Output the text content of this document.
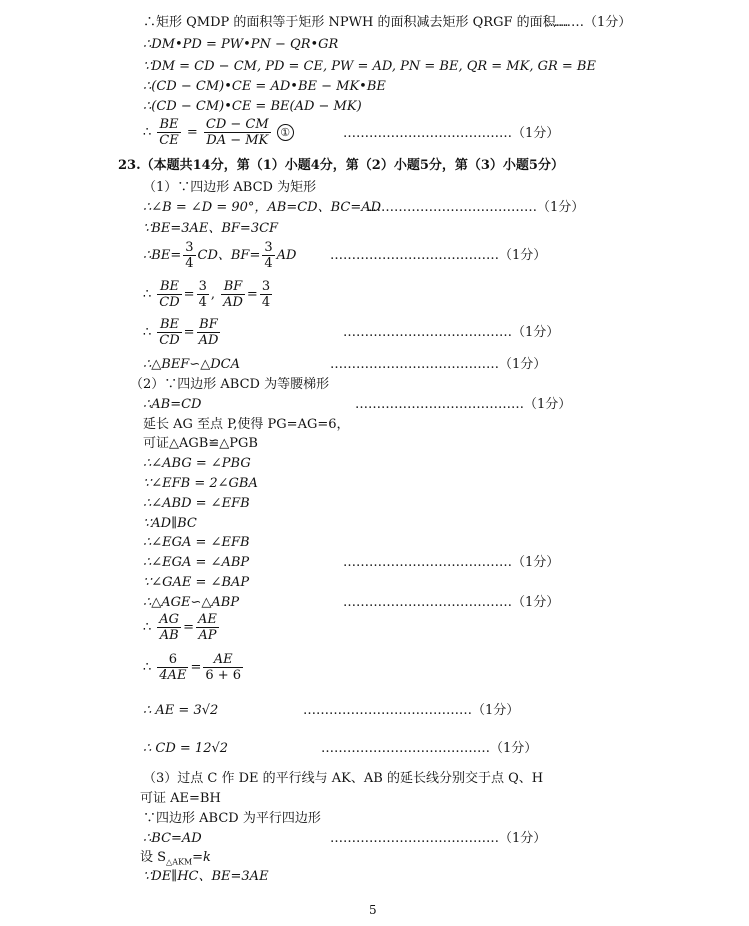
∴矩形 QMDP 的面积等于矩形 NPWH 的面积减去矩形 QRGF 的面积…
………（1分）
∴DM•PD = PW•PN − QR•GR
∵DM = CD − CM, PD = CE, PW = AD, PN = BE, QR = MK, GR = BE
∴(CD − CM)•CE = AD•BE − MK•BE
∴(CD − CM)•CE = BE(AD − MK)
∴ $\frac{BE}{CE} = \frac{CD - CM}{DA - MK}$ ①	…………………………………（1分）
23.（本题共14分，第（1）小题4分，第（2）小题5分，第（3）小题5分）
（1）∵四边形 ABCD 为矩形
∴∠B = ∠D = 90°，AB=CD、BC=AD
…………………………………（1分）
∵BE=3AE、BF=3CF
∴BE= $\frac{3}{4}$ CD、$BF= \frac{3}{4}$ AD	…………………………………（1分）
∴ $\frac{BE}{CD} = \frac{3}{4}$ , $\frac{BF}{AD} = \frac{3}{4}$
∴ $\frac{BE}{CD} = \frac{BF}{AD}$	…………………………………（1分）
∴△BEF∽△DCA	…………………………………（1分）
（2）∵四边形 ABCD 为等腰梯形
∴AB=CD	…………………………………（1分）
延长 AG 至点 P,使得 PG=AG=6，
可证△AGB≌△PGB
∴∠ABG = ∠PBG
∵∠EFB = 2∠GBA
∴∠ABD = ∠EFB
∵AD∥BC
∴∠EGA = ∠EFB
∴∠EGA = ∠ABP	…………………………………（1分）
∵∠GAE = ∠BAP
∴△AGE∽△ABP	…………………………………（1分）
∴ $\frac{AG}{AB} = \frac{AE}{AP}$
∴ $\frac{6}{4AE} = \frac{AE}{6 + 6}$
∴ AE = 3√2	…………………………………（1分）
∴ CD = 12√2	…………………………………（1分）
（3）过点 C 作 DE 的平行线与 AK、AB 的延长线分别交于点 Q、H
可证 AE=BH
∵四边形 ABCD 为平行四边形
∴BC=AD	…………………………………（1分）
设 $S_{\triangle AKM}=k$
∵DE∥HC、BE=3AE
5
